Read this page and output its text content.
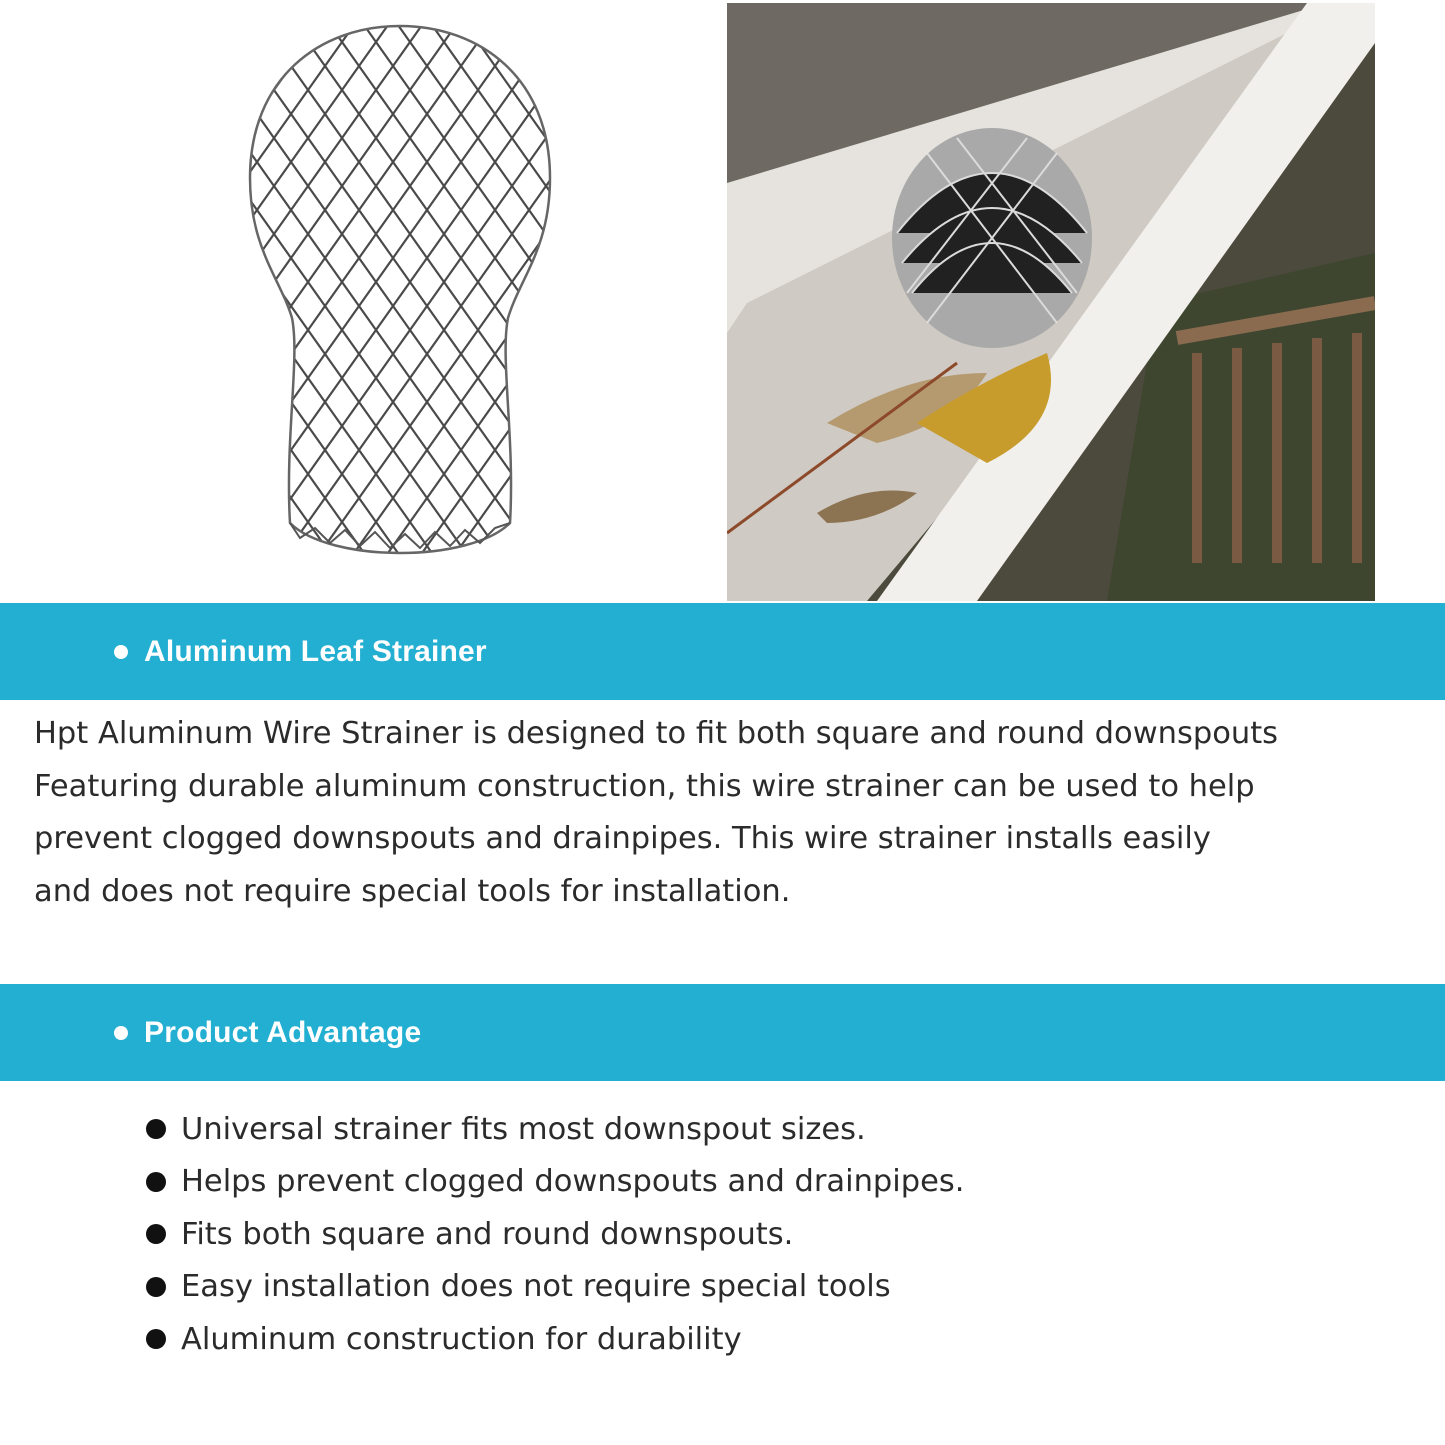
Aluminum Leaf Strainer

Hpt Aluminum Wire Strainer is designed to fit both square and round downspouts
Featuring durable aluminum construction, this wire strainer can be used to help
prevent clogged downspouts and drainpipes. This wire strainer installs easily
and does not require special tools for installation.

Product Advantage
Universal strainer fits most downspout sizes.
Helps prevent clogged downspouts and drainpipes.
Fits both square and round downspouts.
Easy installation does not require special tools
Aluminum construction for durability
